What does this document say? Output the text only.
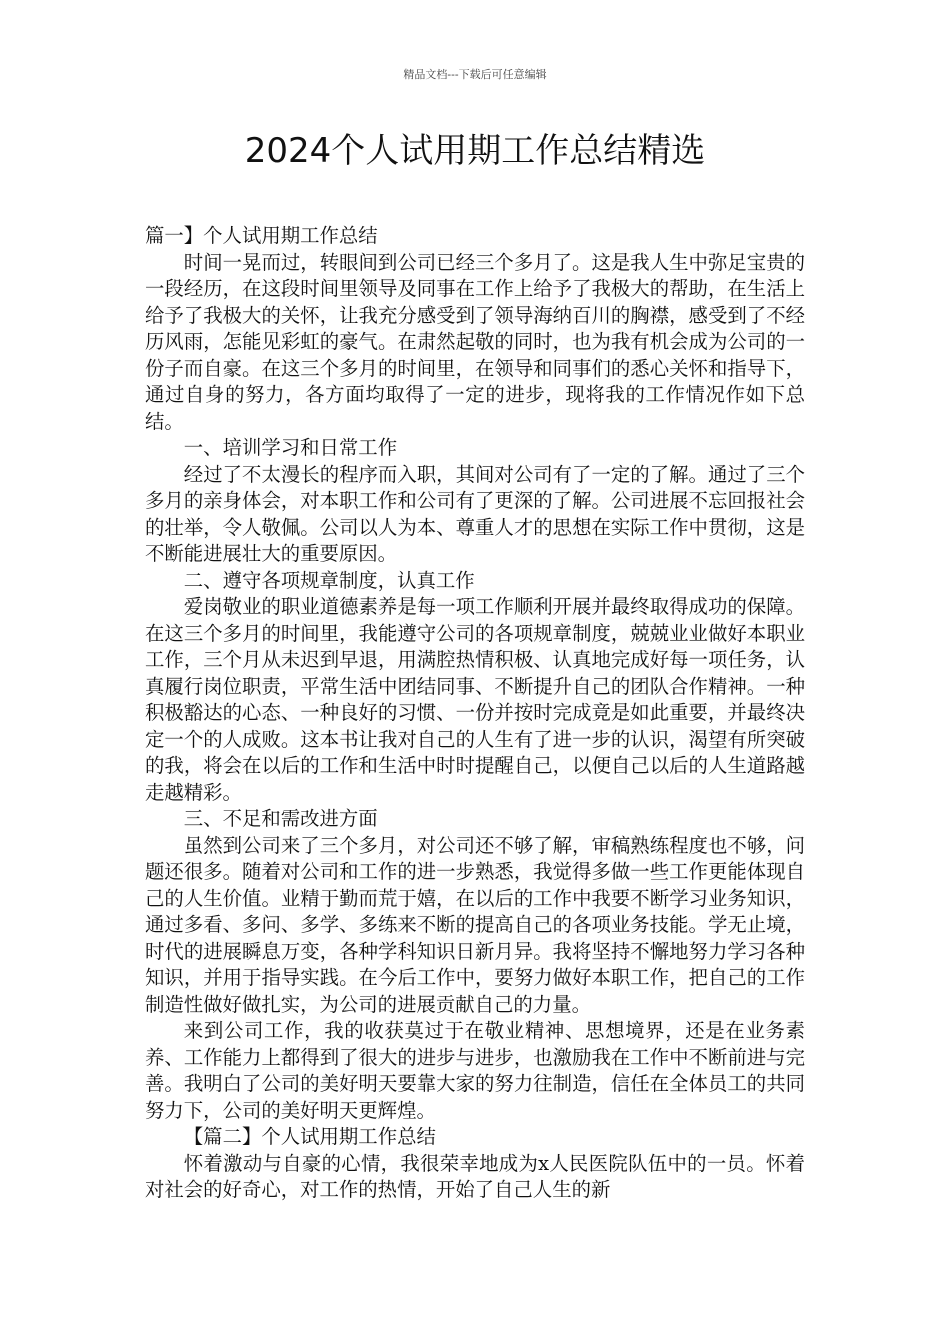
精品文档---下载后可任意编辑
2024个人试用期工作总结精选

篇一】个人试用期工作总结

时间一晃而过，转眼间到公司已经三个多月了。这是我人生中弥足宝贵的一段经历，在这段时间里领导及同事在工作上给予了我极大的帮助，在生活上给予了我极大的关怀，让我充分感受到了领导海纳百川的胸襟，感受到了不经历风雨，怎能见彩虹的豪气。在肃然起敬的同时，也为我有机会成为公司的一份子而自豪。在这三个多月的时间里，在领导和同事们的悉心关怀和指导下，通过自身的努力，各方面均取得了一定的进步，现将我的工作情况作如下总结。

一、培训学习和日常工作

经过了不太漫长的程序而入职，其间对公司有了一定的了解。通过了三个多月的亲身体会，对本职工作和公司有了更深的了解。公司进展不忘回报社会的壮举，令人敬佩。公司以人为本、尊重人才的思想在实际工作中贯彻，这是不断能进展壮大的重要原因。

二、遵守各项规章制度，认真工作

爱岗敬业的职业道德素养是每一项工作顺利开展并最终取得成功的保障。在这三个多月的时间里，我能遵守公司的各项规章制度，兢兢业业做好本职业工作，三个月从未迟到早退，用满腔热情积极、认真地完成好每一项任务，认真履行岗位职责，平常生活中团结同事、不断提升自己的团队合作精神。一种积极豁达的心态、一种良好的习惯、一份并按时完成竟是如此重要，并最终决定一个的人成败。这本书让我对自己的人生有了进一步的认识，渴望有所突破的我，将会在以后的工作和生活中时时提醒自己，以便自己以后的人生道路越走越精彩。

三、不足和需改进方面

虽然到公司来了三个多月，对公司还不够了解，审稿熟练程度也不够，问题还很多。随着对公司和工作的进一步熟悉，我觉得多做一些工作更能体现自己的人生价值。业精于勤而荒于嬉，在以后的工作中我要不断学习业务知识，通过多看、多问、多学、多练来不断的提高自己的各项业务技能。学无止境，时代的进展瞬息万变，各种学科知识日新月异。我将坚持不懈地努力学习各种知识，并用于指导实践。在今后工作中，要努力做好本职工作，把自己的工作制造性做好做扎实，为公司的进展贡献自己的力量。

来到公司工作，我的收获莫过于在敬业精神、思想境界，还是在业务素养、工作能力上都得到了很大的进步与进步，也激励我在工作中不断前进与完善。我明白了公司的美好明天要靠大家的努力往制造，信任在全体员工的共同努力下，公司的美好明天更辉煌。

【篇二】个人试用期工作总结

怀着激动与自豪的心情，我很荣幸地成为x人民医院队伍中的一员。怀着对社会的好奇心，对工作的热情，开始了自己人生的新
